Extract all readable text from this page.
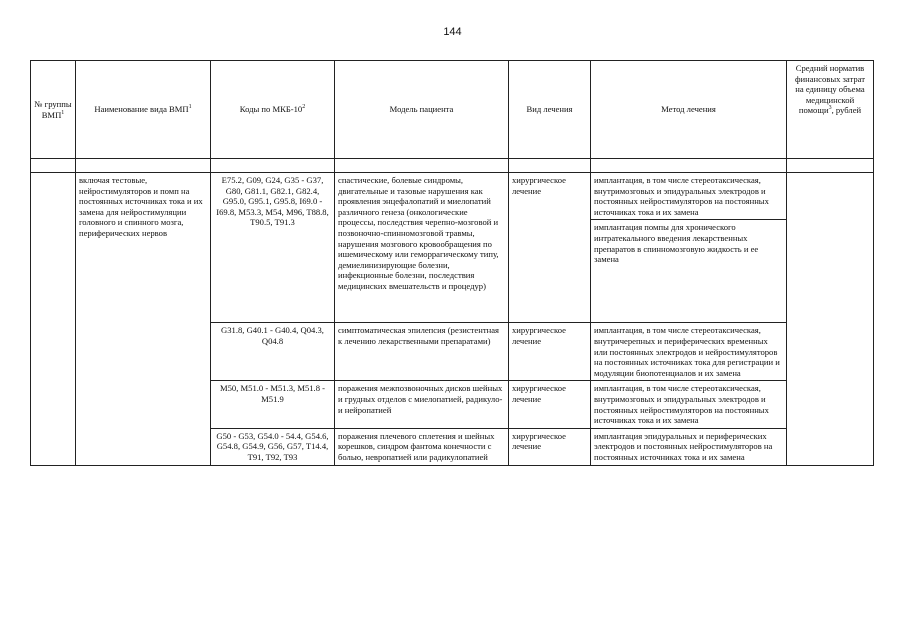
144
№ группы ВМП$^1$	Наименование вида ВМП$^1$	Коды по МКБ-$10^2$	Модель пациента	Вид лечения	Метод лечения	Средний норматив финансовых затрат на единицу объема медицинской помощи$^3$, рублей

	включая тестовые, нейростимуляторов и помп на постоянных источниках тока и их замена для нейростимуляции головного и спинного мозга, периферических нервов	E75.2, G09, G24, G35 - G37, G80, G81.1, G82.1, G82.4, G95.0, G95.1, G95.8, I69.0 - I69.8, M53.3, M54, M96, T88.8, T90.5, T91.3	спастические, болевые синдромы, двигательные и тазовые нарушения как проявления энцефалопатий и миелопатий различного генеза (онкологические процессы, последствия черепно-мозговой и позвоночно-спинномозговой травмы, нарушения мозгового кровообращения по ишемическому или геморрагическому типу, демиелинизирующие болезни, инфекционные болезни, последствия медицинских вмешательств и процедур)	хирургическое лечение	имплантация, в том числе стереотаксическая, внутримозговых и эпидуральных электродов и постоянных нейростимуляторов на постоянных источниках тока и их замена	
					имплантация помпы для хронического интратекального введения лекарственных препаратов в спинномозговую жидкость и ее замена	
		G31.8, G40.1 - G40.4, Q04.3, Q04.8	симптоматическая эпилепсия (резистентная к лечению лекарственными препаратами)	хирургическое лечение	имплантация, в том числе стереотаксическая, внутричерепных и периферических временных или постоянных электродов и нейростимуляторов на постоянных источниках тока для регистрации и модуляции биопотенциалов и их замена	
		M50, M51.0 - M51.3, M51.8 - M51.9	поражения межпозвоночных дисков шейных и грудных отделов с миелопатией, радикуло- и нейропатией	хирургическое лечение	имплантация, в том числе стереотаксическая, внутримозговых и эпидуральных электродов и постоянных нейростимуляторов на постоянных источниках тока и их замена	
		G50 - G53, G54.0 - 54.4, G54.6, G54.8, G54.9, G56, G57, T14.4, T91, T92, T93	поражения плечевого сплетения и шейных корешков, синдром фантома конечности с болью, невропатией или радикулопатией	хирургическое лечение	имплантация эпидуральных и периферических электродов и постоянных нейростимуляторов на постоянных источниках тока и их замена	
